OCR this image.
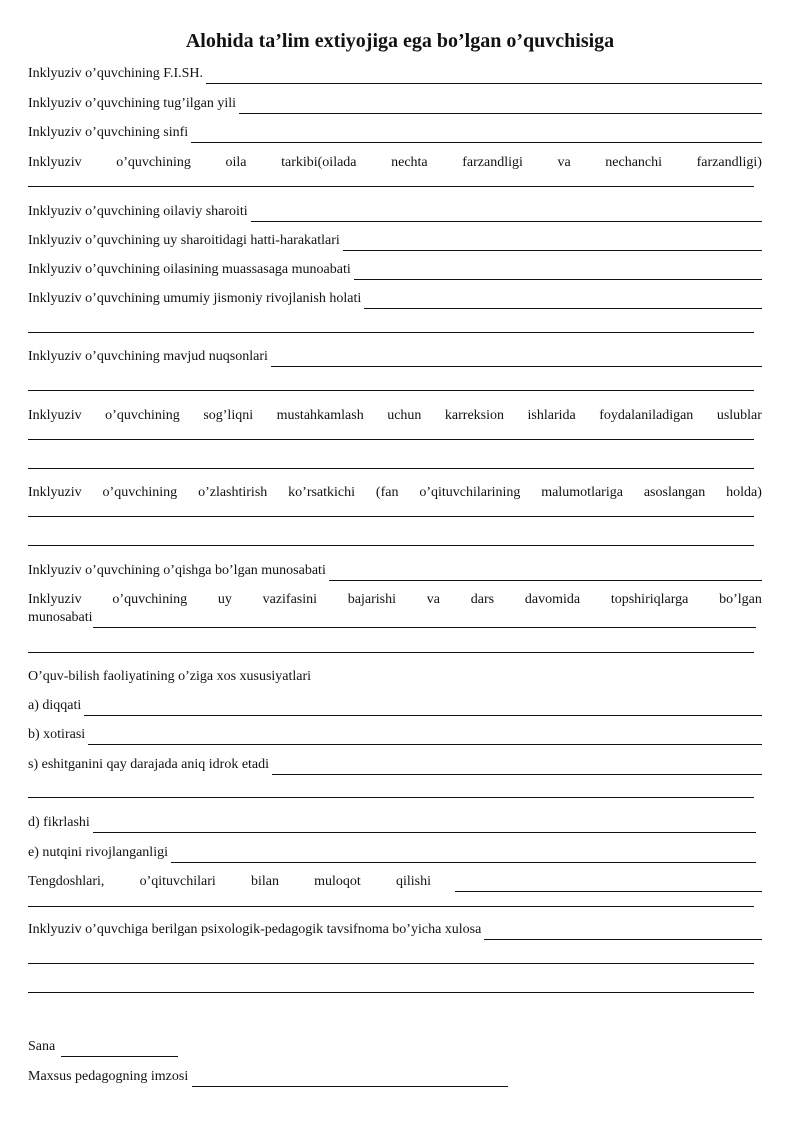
Alohida ta’lim extiyojiga ega bo’lgan o’quvchisiga
Inklyuziv o’quvchining F.I.SH.
Inklyuziv o’quvchining tug’ilgan yili
Inklyuziv o’quvchining sinfi
Inklyuziv o’quvchining oila tarkibi(oilada nechta farzandligi va nechanchi farzandligi)
Inklyuziv o’quvchining oilaviy sharoiti
Inklyuziv o’quvchining uy sharoitidagi hatti-harakatlari
Inklyuziv o’quvchining oilasining muassasaga munoabati
Inklyuziv o’quvchining umumiy jismoniy rivojlanish holati
Inklyuziv o’quvchining mavjud nuqsonlari
Inklyuziv o’quvchining sog’liqni mustahkamlash uchun karreksion ishlarida foydalaniladigan uslublar
Inklyuziv o’quvchining o’zlashtirish ko’rsatkichi (fan o’qituvchilarining malumotlariga asoslangan holda)
Inklyuziv o’quvchining o’qishga bo’lgan munosabati
Inklyuziv o’quvchining uy vazifasini bajarishi va dars davomida topshiriqlarga bo’lgan
munosabati
O’quv-bilish faoliyatining o’ziga xos xususiyatlari
a) diqqati
b) xotirasi
s) eshitganini qay darajada aniq idrok etadi
d) fikrlashi
e) nutqini rivojlanganligi
Tengdoshlari,	o’qituvchilari	bilan	muloqot	qilishi
Inklyuziv o’quvchiga berilgan psixologik-pedagogik tavsifnoma bo’yicha xulosa
Sana
Maxsus pedagogning imzosi
